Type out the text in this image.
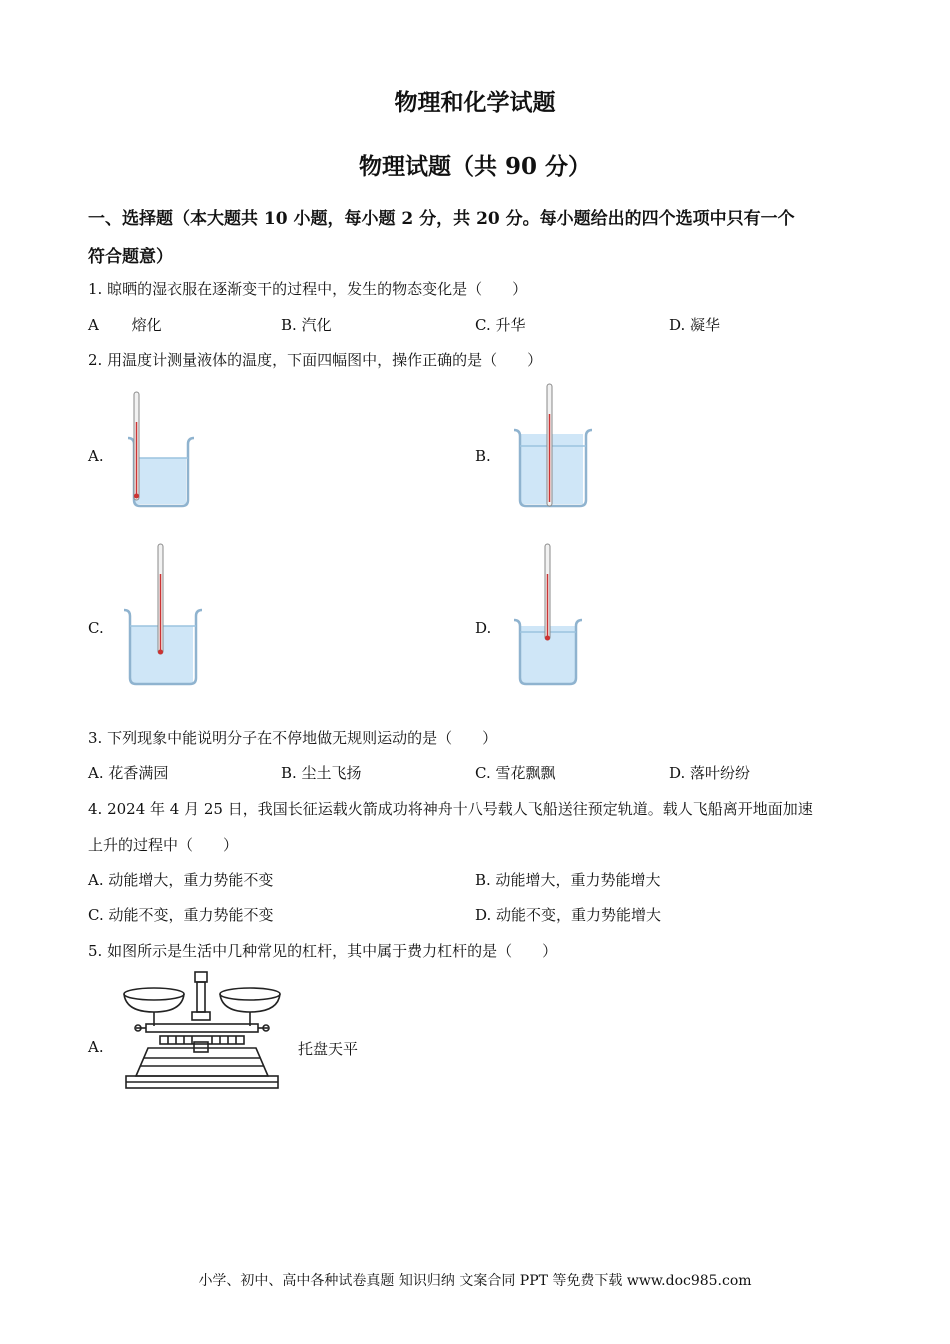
物理和化学试题
物理试题（共 90 分）
一、选择题（本大题共 10 小题，每小题 2 分，共 20 分。每小题给出的四个选项中只有一个
符合题意）
1. 晾晒的湿衣服在逐渐变干的过程中，发生的物态变化是（　　）
A 熔化	B. 汽化	C. 升华	D. 凝华
2. 用温度计测量液体的温度，下面四幅图中，操作正确的是（　　）
A.	B.
C.	D.
3. 下列现象中能说明分子在不停地做无规则运动的是（　　）
A. 花香满园	B. 尘土飞扬	C. 雪花飘飘	D. 落叶纷纷
4. 2024 年 4 月 25 日，我国长征运载火箭成功将神舟十八号载人飞船送往预定轨道。载人飞船离开地面加速
上升的过程中（　　）
A. 动能增大，重力势能不变	B. 动能增大，重力势能增大
C. 动能不变，重力势能不变	D. 动能不变，重力势能增大
5. 如图所示是生活中几种常见的杠杆，其中属于费力杠杆的是（　　）
A.	托盘天平
小学、初中、高中各种试卷真题 知识归纳 文案合同 PPT 等免费下载 www.doc985.com
